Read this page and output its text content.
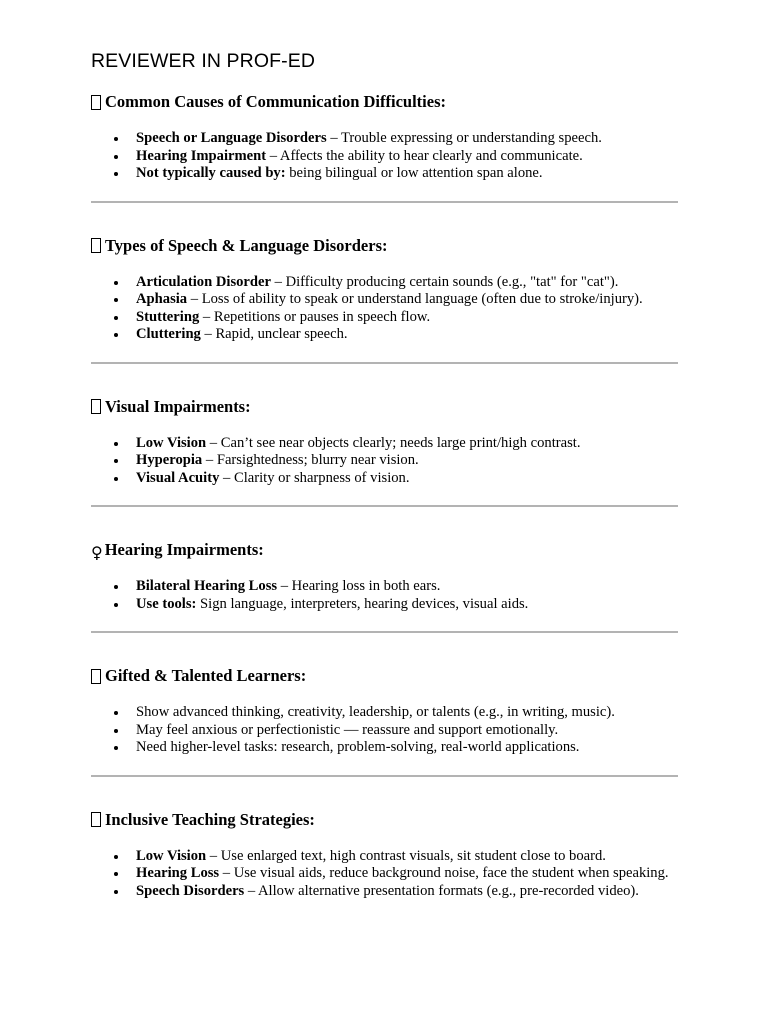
REVIEWER IN PROF-ED
Common Causes of Communication Difficulties:
Speech or Language Disorders – Trouble expressing or understanding speech.
Hearing Impairment – Affects the ability to hear clearly and communicate.
Not typically caused by: being bilingual or low attention span alone.
Types of Speech & Language Disorders:
Articulation Disorder – Difficulty producing certain sounds (e.g., "tat" for "cat").
Aphasia – Loss of ability to speak or understand language (often due to stroke/injury).
Stuttering – Repetitions or pauses in speech flow.
Cluttering – Rapid, unclear speech.
Visual Impairments:
Low Vision – Can’t see near objects clearly; needs large print/high contrast.
Hyperopia – Farsightedness; blurry near vision.
Visual Acuity – Clarity or sharpness of vision.
♀ Hearing Impairments:
Bilateral Hearing Loss – Hearing loss in both ears.
Use tools: Sign language, interpreters, hearing devices, visual aids.
Gifted & Talented Learners:
Show advanced thinking, creativity, leadership, or talents (e.g., in writing, music).
May feel anxious or perfectionistic — reassure and support emotionally.
Need higher-level tasks: research, problem-solving, real-world applications.
Inclusive Teaching Strategies:
Low Vision – Use enlarged text, high contrast visuals, sit student close to board.
Hearing Loss – Use visual aids, reduce background noise, face the student when speaking.
Speech Disorders – Allow alternative presentation formats (e.g., pre-recorded video).
